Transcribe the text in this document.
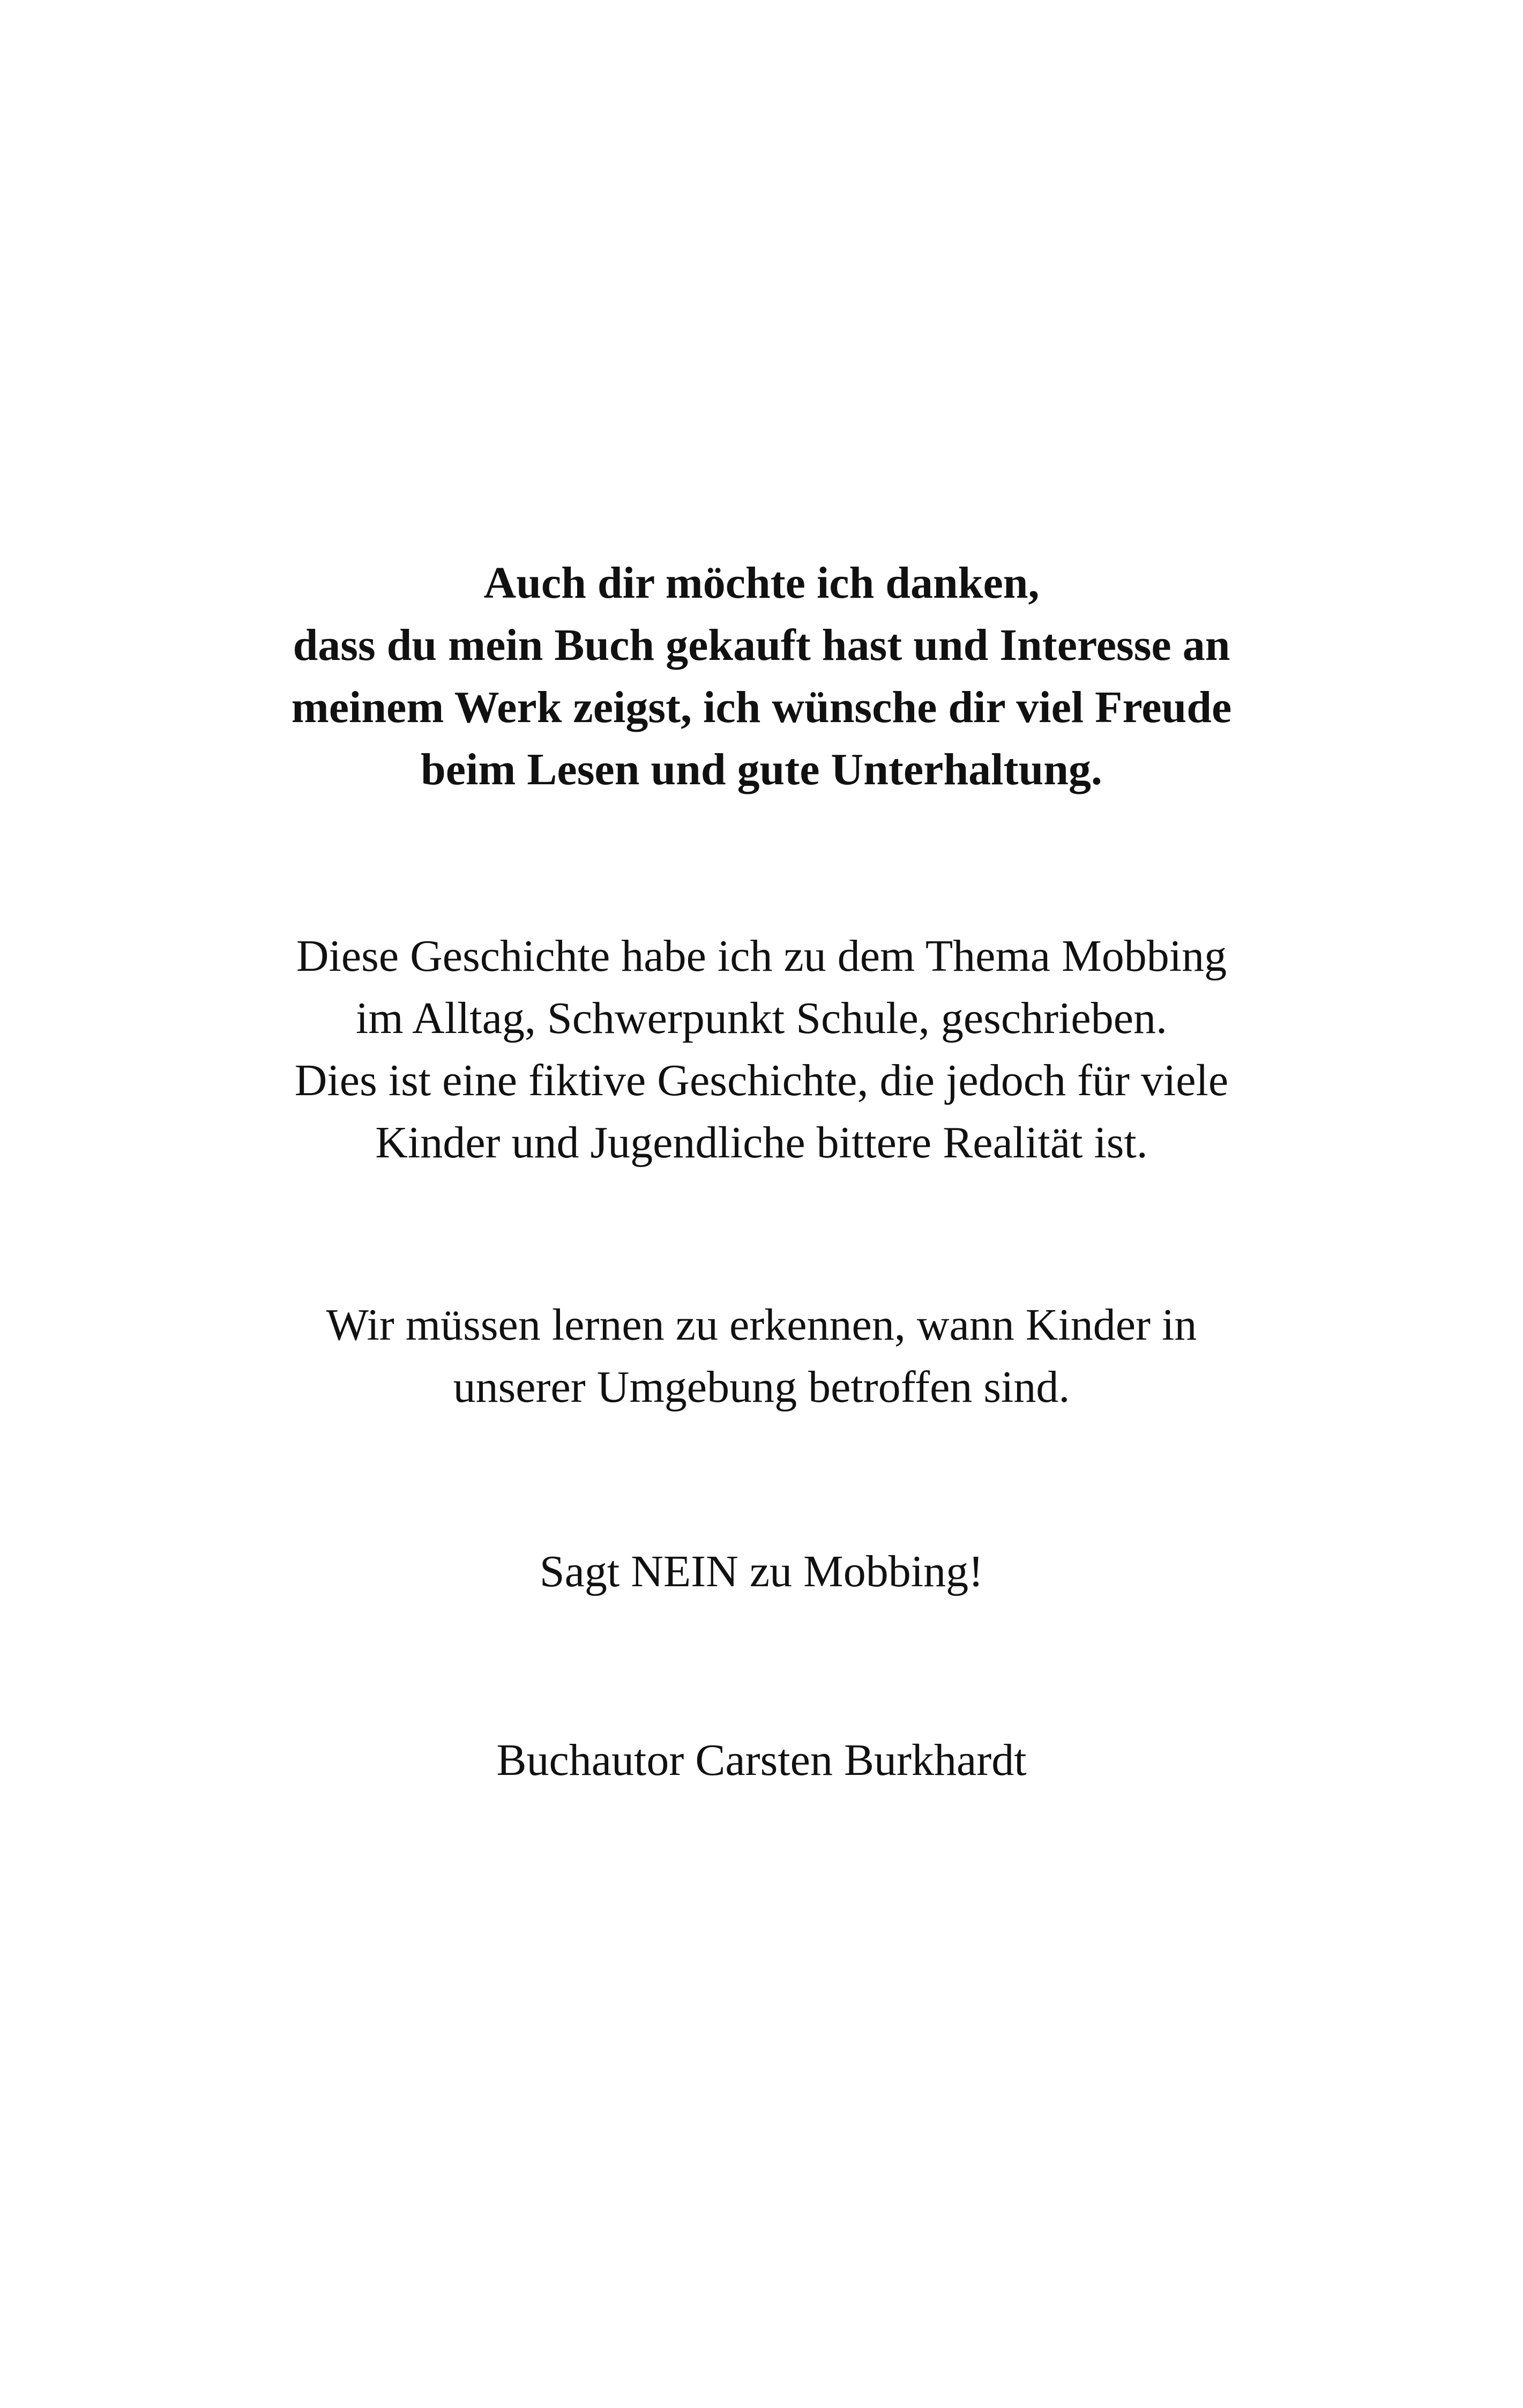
Auch dir möchte ich danken,
dass du mein Buch gekauft hast und Interesse an
meinem Werk zeigst, ich wünsche dir viel Freude
beim Lesen und gute Unterhaltung.
Diese Geschichte habe ich zu dem Thema Mobbing
im Alltag, Schwerpunkt Schule, geschrieben.
Dies ist eine fiktive Geschichte, die jedoch für viele
Kinder und Jugendliche bittere Realität ist.
Wir müssen lernen zu erkennen, wann Kinder in
unserer Umgebung betroffen sind.
Sagt NEIN zu Mobbing!
Buchautor Carsten Burkhardt
